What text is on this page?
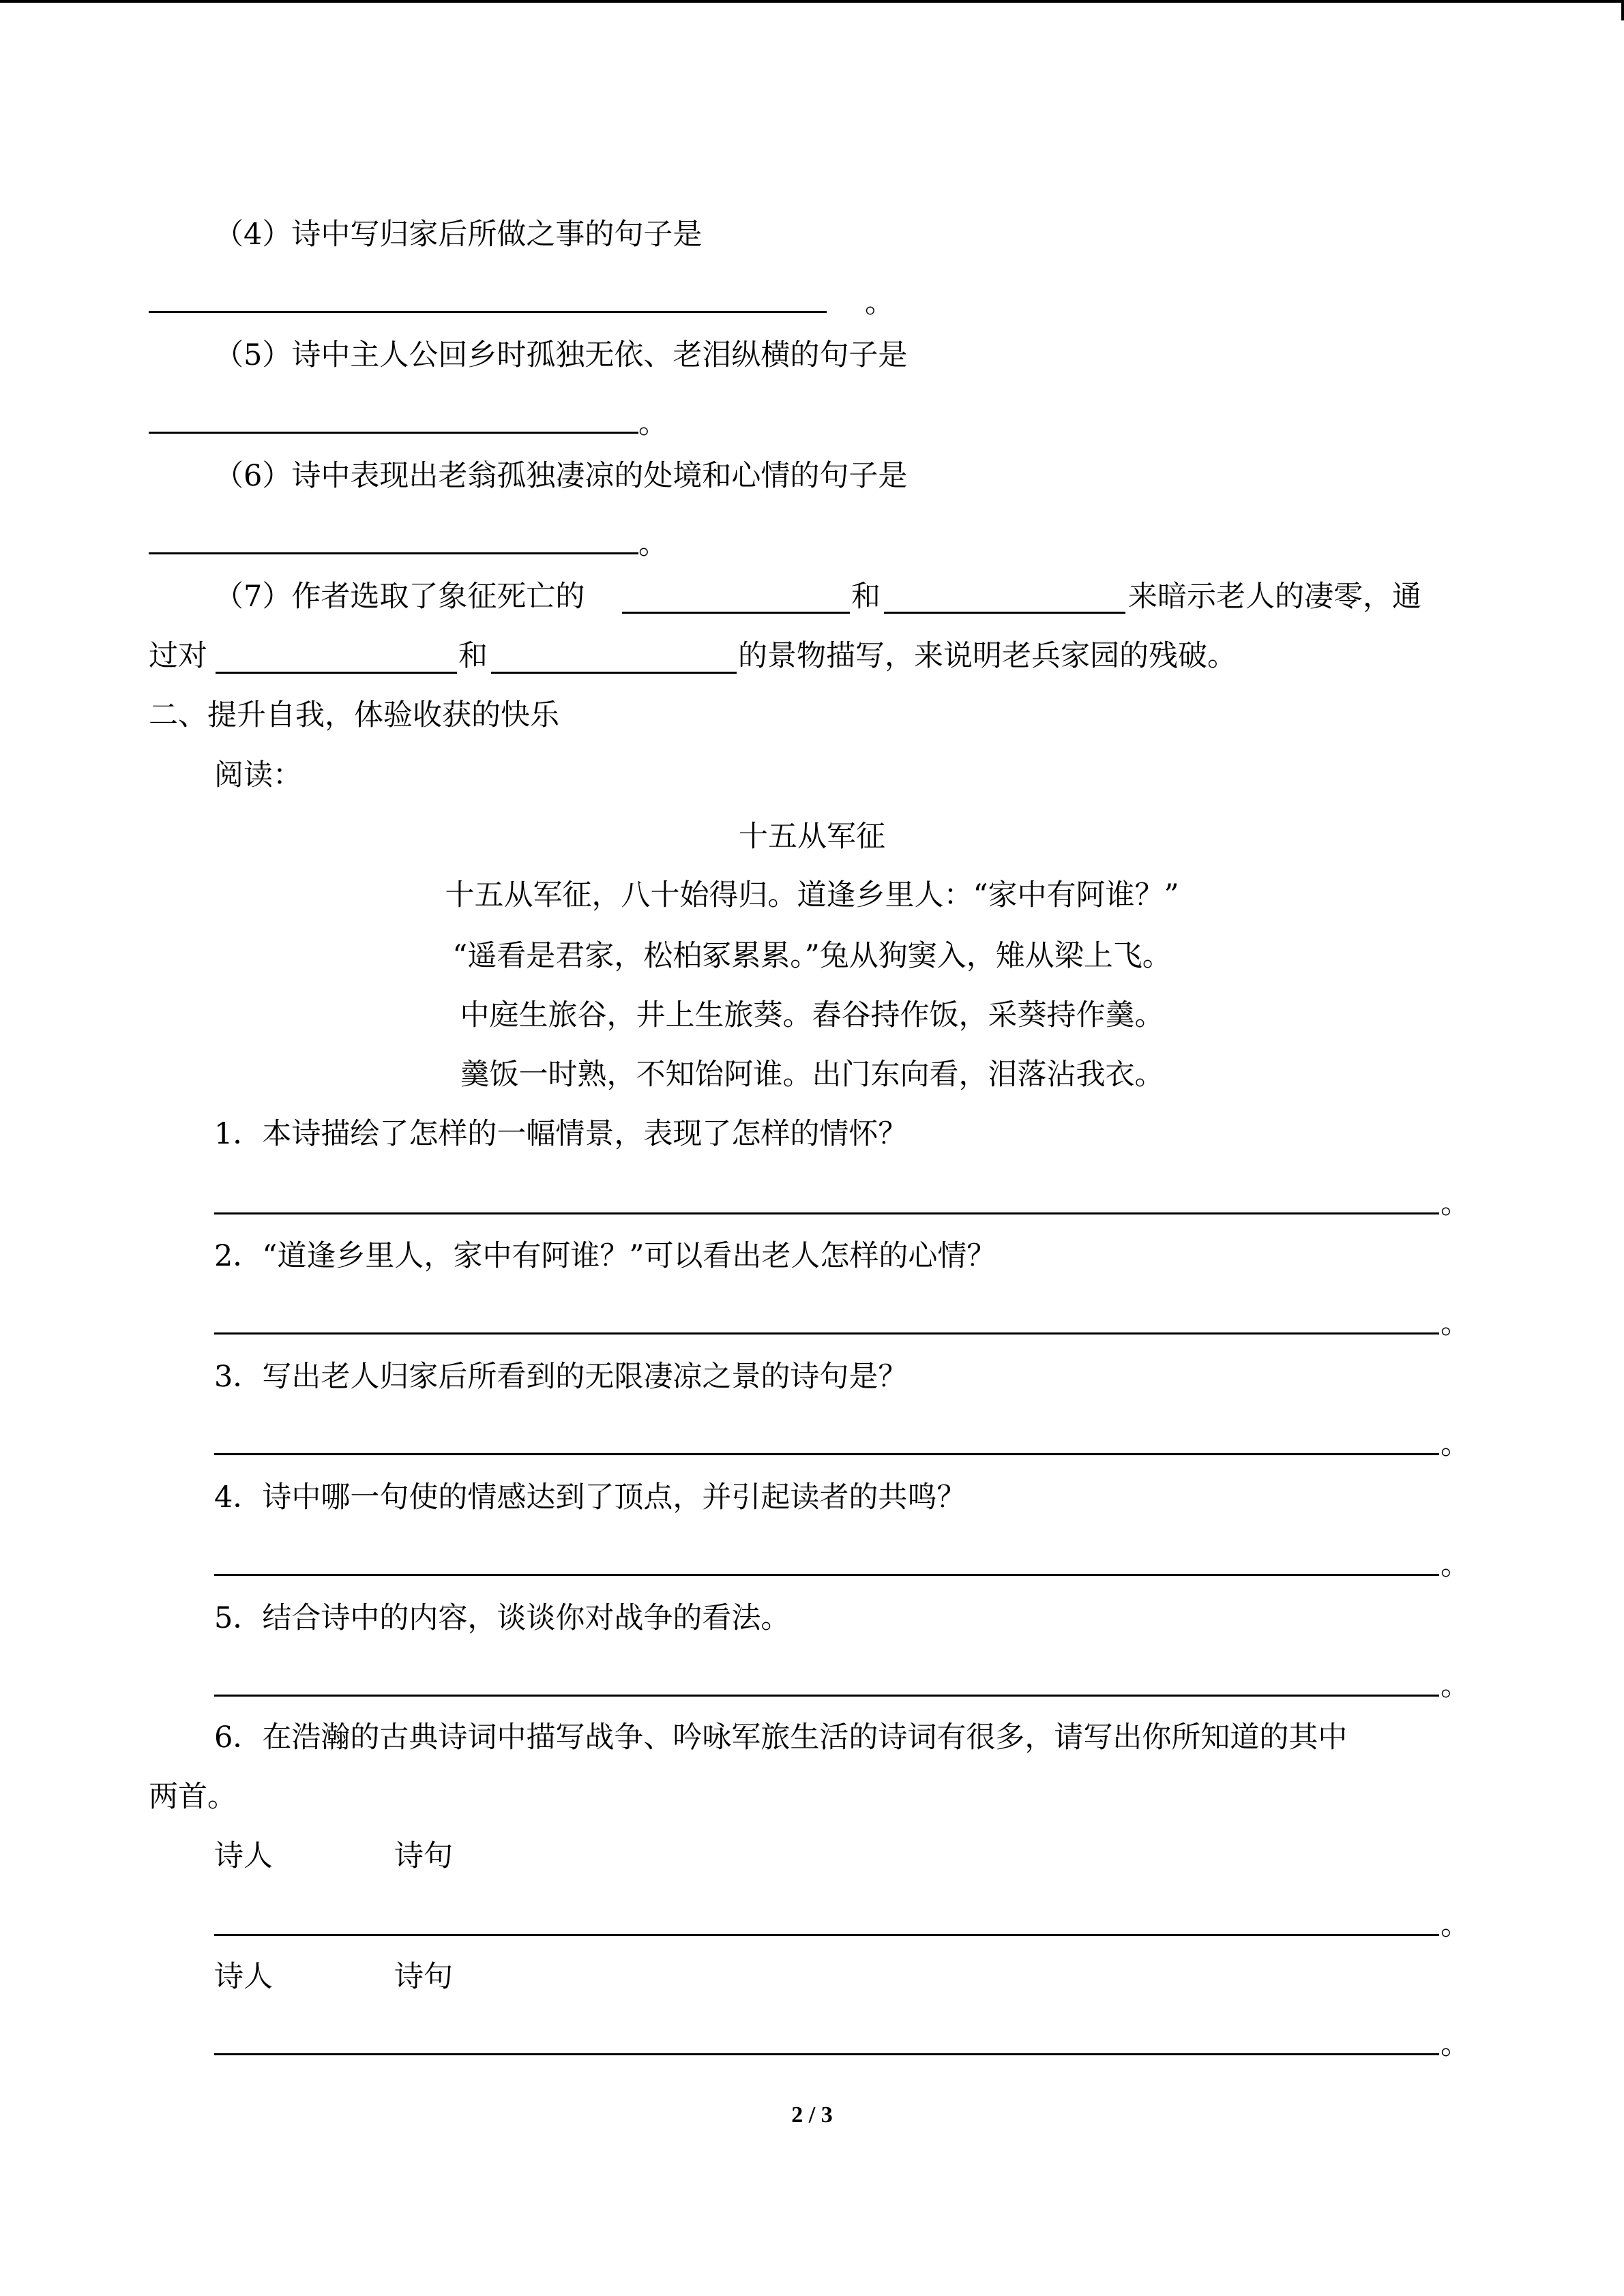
（4）诗中写归家后所做之事的句子是
。
（5）诗中主人公回乡时孤独无依、老泪纵横的句子是
。
（6）诗中表现出老翁孤独凄凉的处境和心情的句子是
。
（7）作者选取了象征死亡的	和	来暗示老人的凄零，通
过对	和	的景物描写，来说明老兵家园的残破。
二、提升自我，体验收获的快乐
阅读：
十五从军征
十五从军征，八十始得归。道逢乡里人：“家中有阿谁？”
“遥看是君家，松柏冢累累。”兔从狗窦入，雉从梁上飞。
中庭生旅谷，井上生旅葵。舂谷持作饭，采葵持作羹。
羹饭一时熟，不知饴阿谁。出门东向看，泪落沾我衣。
1．本诗描绘了怎样的一幅情景，表现了怎样的情怀？
。
2．“道逢乡里人，家中有阿谁？”可以看出老人怎样的心情？
。
3．写出老人归家后所看到的无限凄凉之景的诗句是？
。
4．诗中哪一句使的情感达到了顶点，并引起读者的共鸣？
。
5．结合诗中的内容，谈谈你对战争的看法。
。
6．在浩瀚的古典诗词中描写战争、吟咏军旅生活的诗词有很多，请写出你所知道的其中
两首。
诗人	诗句
。
诗人	诗句
。
2 / 3
